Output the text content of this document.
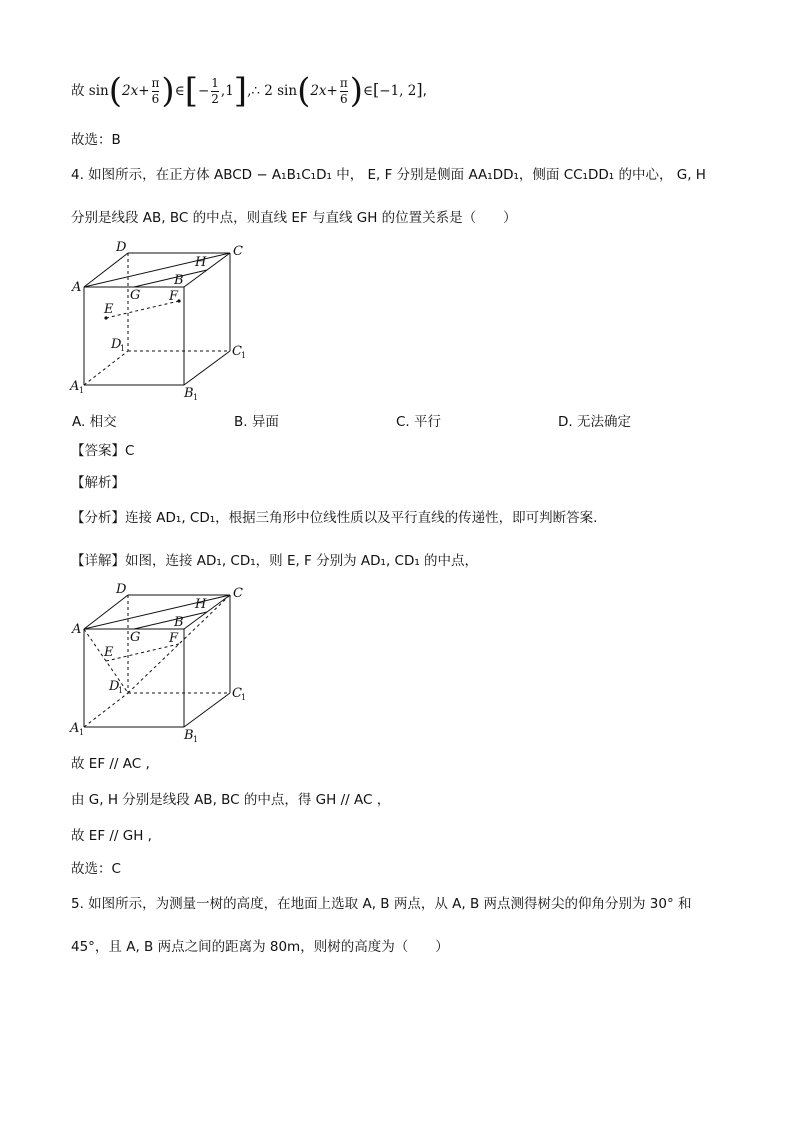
故 $\sin(2x+ \frac{\pi}{6}$ )∈[− $\frac{1}{2}$ ,1],∴ 2 $\sin(2x+ \frac{\pi}{6}$ )∈[−1, 2],
故选：B
4. 如图所示，在正方体 ABCD − A₁B₁C₁D₁ 中， E, F 分别是侧面 AA₁DD₁，侧面 CC₁DD₁ 的中心， G, H
分别是线段 AB, BC 的中点，则直线 EF 与直线 GH 的位置关系是（　　）
D	C
A	B
H
G F
E
D
1	C 1
A 1	B 1
A. 相交	B. 异面	C. 平行	D. 无法确定
【答案】C
【解析】
【分析】连接 AD₁, CD₁，根据三角形中位线性质以及平行直线的传递性，即可判断答案.
【详解】如图，连接 AD₁, CD₁，则 E, F 分别为 AD₁, CD₁ 的中点，
D	C
A	B
H
G F
E
D
1	C 1
A 1	B 1
故 EF // AC ,
由 G, H 分别是线段 AB, BC 的中点，得 GH // AC ，
故 EF // GH ,
故选：C
5. 如图所示，为测量一树的高度，在地面上选取 A, B 两点，从 A, B 两点测得树尖的仰角分别为 30° 和
45°，且 A, B 两点之间的距离为 80m，则树的高度为（　　）
